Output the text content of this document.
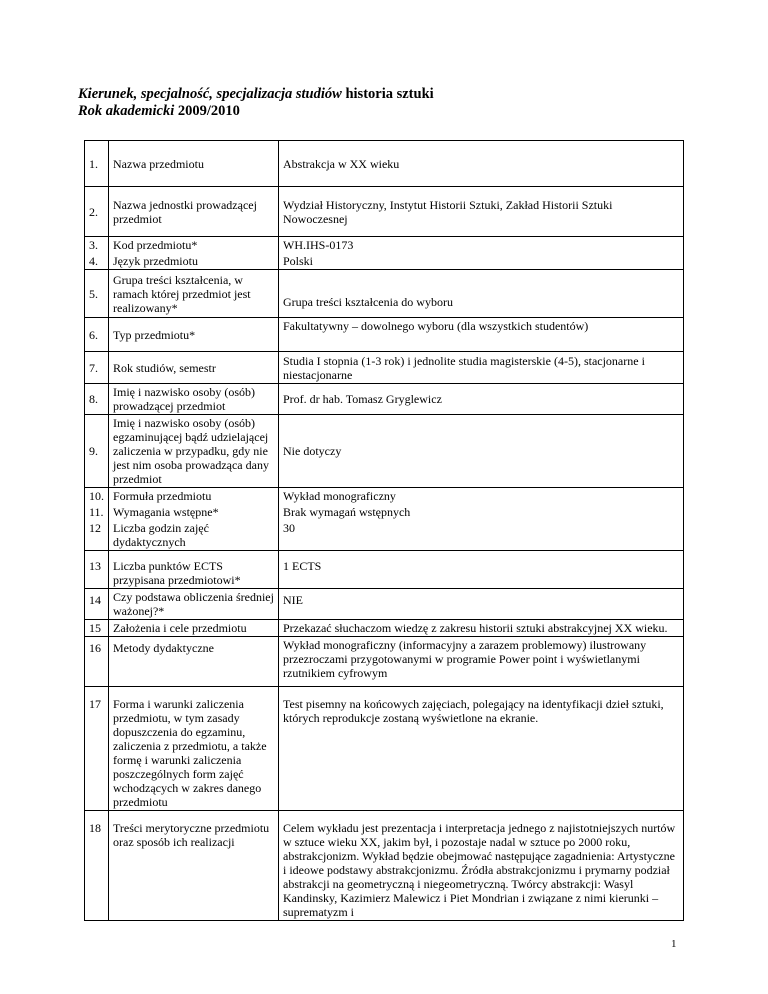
Kierunek, specjalność, specjalizacja studiów historia sztuki
Rok akademicki 2009/2010
1.	Nazwa przedmiotu	Abstrakcja w XX wieku
2.	Nazwa jednostki prowadzącej przedmiot	Wydział Historyczny, Instytut Historii Sztuki, Zakład Historii Sztuki Nowoczesnej
3.	Kod przedmiotu*	WH.IHS-0173
4.	Język przedmiotu	Polski
5.	Grupa treści kształcenia, w ramach której przedmiot jest realizowany*	Grupa treści kształcenia do wyboru
6.	Typ przedmiotu*	Fakultatywny – dowolnego wyboru (dla wszystkich studentów)
7.	Rok studiów, semestr	Studia I stopnia (1-3 rok) i jednolite studia magisterskie (4-5), stacjonarne i niestacjonarne
8.	Imię i nazwisko osoby (osób) prowadzącej przedmiot	Prof. dr hab. Tomasz Gryglewicz
9.	Imię i nazwisko osoby (osób) egzaminującej bądź udzielającej zaliczenia w przypadku, gdy nie jest nim osoba prowadząca dany przedmiot	Nie dotyczy
10.	Formuła przedmiotu	Wykład monograficzny
11.	Wymagania wstępne*	Brak wymagań wstępnych
12	Liczba godzin zajęć dydaktycznych	30
13	Liczba punktów ECTS przypisana przedmiotowi*	1 ECTS
14	Czy podstawa obliczenia średniej ważonej?*	NIE
15	Założenia i cele przedmiotu	Przekazać słuchaczom wiedzę z zakresu historii sztuki abstrakcyjnej XX wieku.
16	Metody dydaktyczne	Wykład monograficzny (informacyjny a zarazem problemowy) ilustrowany przezroczami przygotowanymi w programie Power point i wyświetlanymi rzutnikiem cyfrowym
17	Forma i warunki zaliczenia przedmiotu, w tym zasady dopuszczenia do egzaminu, zaliczenia z przedmiotu, a także formę i warunki zaliczenia poszczególnych form zajęć wchodzących w zakres danego przedmiotu	Test pisemny na końcowych zajęciach, polegający na identyfikacji dzieł sztuki, których reprodukcje zostaną wyświetlone na ekranie.
18	Treści merytoryczne przedmiotu oraz sposób ich realizacji	Celem wykładu jest prezentacja i interpretacja jednego z najistotniejszych nurtów w sztuce wieku XX, jakim był, i pozostaje nadal w sztuce po 2000 roku, abstrakcjonizm. Wykład będzie obejmować następujące zagadnienia: Artystyczne i ideowe podstawy abstrakcjonizmu. Źródła abstrakcjonizmu i prymarny podział abstrakcji na geometryczną i niegeometryczną. Twórcy abstrakcji: Wasyl Kandinsky, Kazimierz Malewicz i Piet Mondrian i związane z nimi kierunki – suprematyzm i
1
